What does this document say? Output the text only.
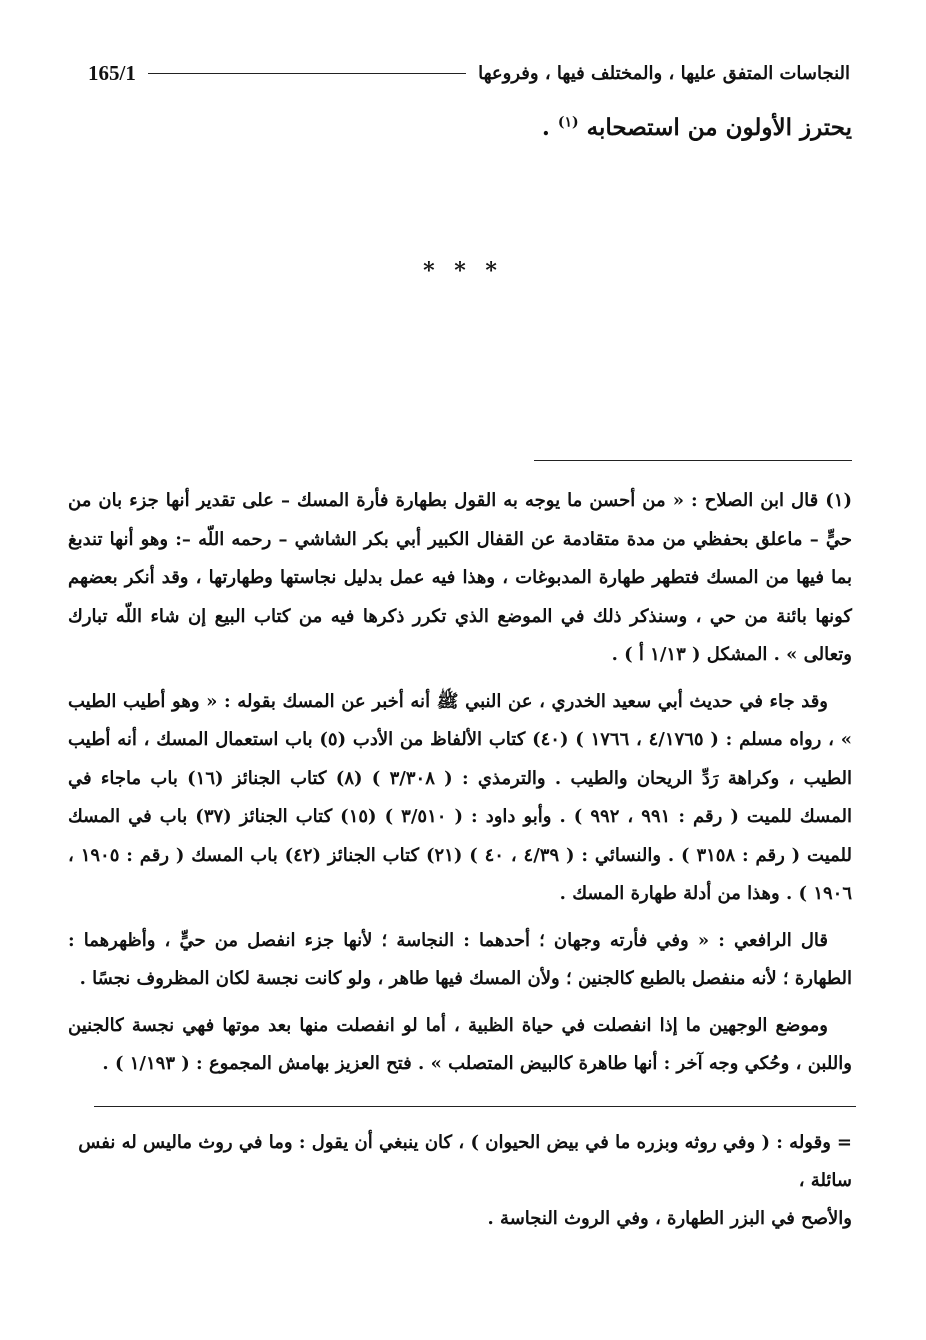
النجاسات المتفق عليها ، والمختلف فيها ، وفروعها
165/1
يحترز الأولون من استصحابه $^{(١)}$ .
* * *

(١) قال ابن الصلاح : « من أحسن ما يوجه به القول بطهارة فأرة المسك – على تقدير أنها جزء بان من حيٍّ – ماعلق بحفظي من مدة متقادمة عن القفال الكبير أبي بكر الشاشي – رحمه اللّه –: وهو أنها تندبغ بما فيها من المسك فتطهر طهارة المدبوغات ، وهذا فيه عمل بدليل نجاستها وطهارتها ، وقد أنكر بعضهم كونها بائنة من حي ، وسنذكر ذلك في الموضع الذي تكرر ذكرها فيه من كتاب البيع إن شاء اللّه تبارك وتعالى » . المشكل ( ١/١٣ أ ) .

وقد جاء في حديث أبي سعيد الخدري ، عن النبي ﷺ أنه أخبر عن المسك بقوله : « وهو أطيب الطيب » ، رواه مسلم : ( ٤/١٧٦٥ ، ١٧٦٦ ) (٤٠) كتاب الألفاظ من الأدب (٥) باب استعمال المسك ، أنه أطيب الطيب ، وكراهة رَدِّ الريحان والطيب . والترمذي : ( ٣/٣٠٨ ) (٨) كتاب الجنائز (١٦) باب ماجاء في المسك للميت ( رقم : ٩٩١ ، ٩٩٢ ) . وأبو داود : ( ٣/٥١٠ ) (١٥) كتاب الجنائز (٣٧) باب في المسك للميت ( رقم : ٣١٥٨ ) . والنسائي : ( ٤/٣٩ ، ٤٠ ) (٢١) كتاب الجنائز (٤٢) باب المسك ( رقم : ١٩٠٥ ، ١٩٠٦ ) . وهذا من أدلة طهارة المسك .

قال الرافعي : « وفي فأرته وجهان ؛ أحدهما : النجاسة ؛ لأنها جزء انفصل من حيٍّ ، وأظهرهما : الطهارة ؛ لأنه منفصل بالطبع كالجنين ؛ ولأن المسك فيها طاهر ، ولو كانت نجسة لكان المظروف نجسًا .

وموضع الوجهين ما إذا انفصلت في حياة الظبية ، أما لو انفصلت منها بعد موتها فهي نجسة كالجنين واللبن ، وحُكي وجه آخر : أنها طاهرة كالبيض المتصلب » . فتح العزيز بهامش المجموع : ( ١/١٩٣ ) .

=وقوله : ( وفي روثه وبزره ما في بيض الحيوان ) ، كان ينبغي أن يقول : وما في روث ماليس له نفس سائلة ،

والأصح في البزر الطهارة ، وفي الروث النجاسة .
